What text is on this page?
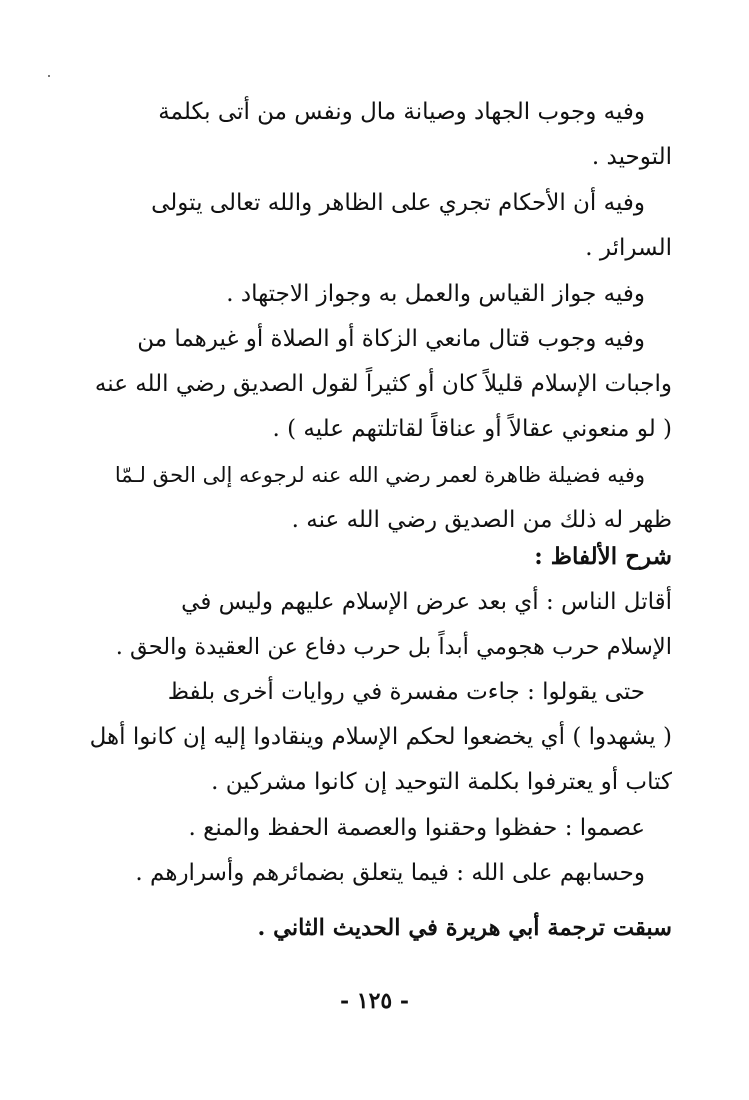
وفيه وجوب الجهاد وصيانة مال ونفس من أتى بكلمة
التوحيد .
وفيه أن الأحكام تجري على الظاهر والله تعالى يتولى
السرائر .
وفيه جواز القياس والعمل به وجواز الاجتهاد .
وفيه وجوب قتال مانعي الزكاة أو الصلاة أو غيرهما من
واجبات الإسلام قليلاً كان أو كثيراً لقول الصديق رضي الله عنه
( لو منعوني عقالاً أو عناقاً لقاتلتهم عليه ) .
وفيه فضيلة ظاهرة لعمر رضي الله عنه لرجوعه إلى الحق لـمّا
ظهر له ذلك من الصديق رضي الله عنه .
شرح الألفاظ :
أقاتل الناس : أي بعد عرض الإسلام عليهم وليس في
الإسلام حرب هجومي أبداً بل حرب دفاع عن العقيدة والحق .
حتى يقولوا : جاءت مفسرة في روايات أخرى بلفظ
( يشهدوا ) أي يخضعوا لحكم الإسلام وينقادوا إليه إن كانوا أهل
كتاب أو يعترفوا بكلمة التوحيد إن كانوا مشركين .
عصموا : حفظوا وحقنوا والعصمة الحفظ والمنع .
وحسابهم على الله : فيما يتعلق بضمائرهم وأسرارهم .
سبقت ترجمة أبي هريرة في الحديث الثاني .
- ١٢٥ -
